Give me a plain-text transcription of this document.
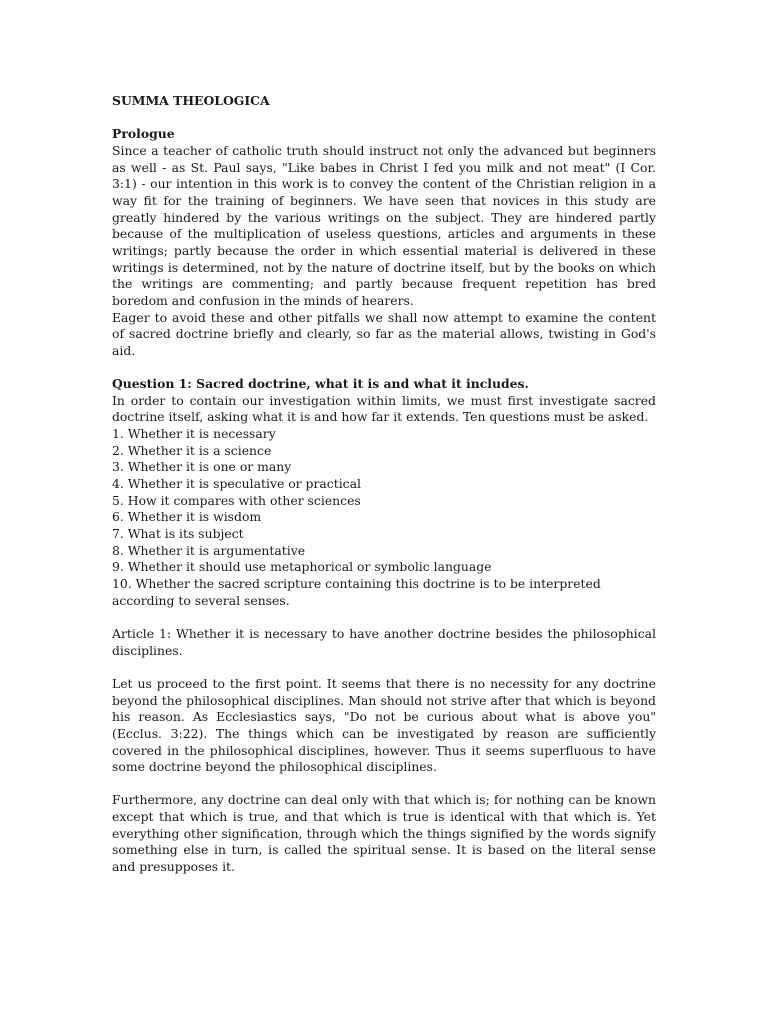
SUMMA THEOLOGICA
Prologue

Since a teacher of catholic truth should instruct not only the advanced but beginners as well - as St. Paul says, "Like babes in Christ I fed you milk and not meat" (I Cor. 3:1) - our intention in this work is to convey the content of the Christian religion in a way fit for the training of beginners. We have seen that novices in this study are greatly hindered by the various writings on the subject. They are hindered partly because of the multiplication of useless questions, articles and arguments in these writings; partly because the order in which essential material is delivered in these writings is determined, not by the nature of doctrine itself, but by the books on which the writings are commenting; and partly because frequent repetition has bred boredom and confusion in the minds of hearers.

Eager to avoid these and other pitfalls we shall now attempt to examine the content of sacred doctrine briefly and clearly, so far as the material allows, twisting in God's aid.

Question 1: Sacred doctrine, what it is and what it includes.

In order to contain our investigation within limits, we must first investigate sacred doctrine itself, asking what it is and how far it extends. Ten questions must be asked.

1. Whether it is necessary
2. Whether it is a science
3. Whether it is one or many
4. Whether it is speculative or practical
5. How it compares with other sciences
6. Whether it is wisdom
7. What is its subject
8. Whether it is argumentative
9. Whether it should use metaphorical or symbolic language
10. Whether the sacred scripture containing this doctrine is to be interpreted according to several senses.

Article 1: Whether it is necessary to have another doctrine besides the philosophical disciplines.

Let us proceed to the first point. It seems that there is no necessity for any doctrine beyond the philosophical disciplines. Man should not strive after that which is beyond his reason. As Ecclesiastics says, "Do not be curious about what is above you" (Ecclus. 3:22). The things which can be investigated by reason are sufficiently covered in the philosophical disciplines, however. Thus it seems superfluous to have some doctrine beyond the philosophical disciplines.

Furthermore, any doctrine can deal only with that which is; for nothing can be known except that which is true, and that which is true is identical with that which is. Yet everything other signification, through which the things signified by the words signify something else in turn, is called the spiritual sense. It is based on the literal sense and presupposes it.
